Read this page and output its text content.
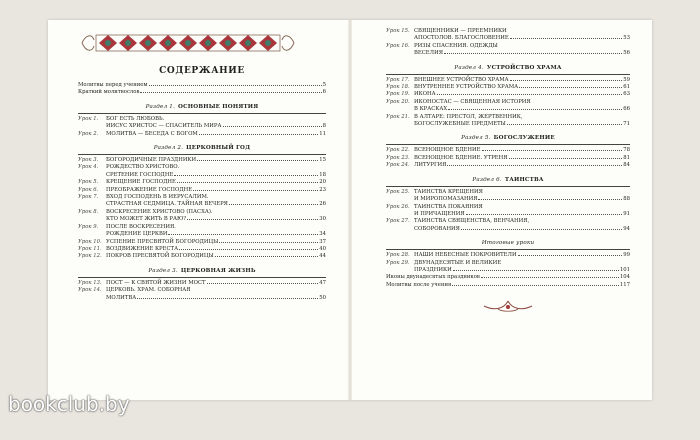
СОДЕРЖАНИЕ
Молитвы перед учением	5
Краткий молитвослов	6
Раздел 1. ОСНОВНЫЕ ПОНЯТИЯ
Урок 1.	БОГ ЕСТЬ ЛЮБОВЬ.
ИИСУС ХРИСТОС — СПАСИТЕЛЬ МИРА	8
Урок 2.	МОЛИТВА — БЕСЕДА С БОГОМ	11
Раздел 2. ЦЕРКОВНЫЙ ГОД
Урок 3.	БОГОРОДИЧНЫЕ ПРАЗДНИКИ	15
Урок 4.	РОЖДЕСТВО ХРИСТОВО.
СРЕТЕНИЕ ГОСПОДНЕ	18
Урок 5.	КРЕЩЕНИЕ ГОСПОДНЕ	20
Урок 6.	ПРЕОБРАЖЕНИЕ ГОСПОДНЕ	23
Урок 7.	ВХОД ГОСПОДЕНЬ В ИЕРУСАЛИМ.
СТРАСТНАЯ СЕДМИЦА. ТАЙНАЯ ВЕЧЕРЯ	26
Урок 8.	ВОСКРЕСЕНИЕ ХРИСТОВО (ПАСХА).
КТО МОЖЕТ ЖИТЬ В РАЮ?	30
Урок 9.	ПОСЛЕ ВОСКРЕСЕНИЯ.
РОЖДЕНИЕ ЦЕРКВИ	34
Урок 10. УСПЕНИЕ ПРЕСВЯТОЙ БОГОРОДИЦЫ	37
Урок 11. ВОЗДВИЖЕНИЕ КРЕСТА	40
Урок 12. ПОКРОВ ПРЕСВЯТОЙ БОГОРОДИЦЫ	44
Раздел 3. ЦЕРКОВНАЯ ЖИЗНЬ
Урок 13. ПОСТ — К СВЯТОЙ ЖИЗНИ МОСТ	47
Урок 14. ЦЕРКОВЬ. ХРАМ. СОБОРНАЯ
МОЛИТВА	50
Урок 15. СВЯЩЕННИКИ — ПРЕЕМНИКИ
АПОСТОЛОВ. БЛАГОСЛОВЕНИЕ	53
Урок 16. РИЗЫ СПАСЕНИЯ. ОДЕЖДЫ
ВЕСЕЛИЯ	56
Раздел 4. УСТРОЙСТВО ХРАМА
Урок 17. ВНЕШНЕЕ УСТРОЙСТВО ХРАМА	59
Урок 18. ВНУТРЕННЕЕ УСТРОЙСТВО ХРАМА	61
Урок 19. ИКОНА	63
Урок 20. ИКОНОСТАС — СВЯЩЕННАЯ ИСТОРИЯ
В КРАСКАХ	66
Урок 21. В АЛТАРЕ: ПРЕСТОЛ, ЖЕРТВЕННИК,
БОГОСЛУЖЕБНЫЕ ПРЕДМЕТЫ	71
Раздел 5. БОГОСЛУЖЕНИЕ
Урок 22. ВСЕНОЩНОЕ БДЕНИЕ	78
Урок 23. ВСЕНОЩНОЕ БДЕНИЕ. УТРЕНЯ	81
Урок 24. ЛИТУРГИЯ	84
Раздел 6. ТАИНСТВА
Урок 25. ТАИНСТВА КРЕЩЕНИЯ
И МИРОПОМАЗАНИЯ	88
Урок 26. ТАИНСТВА ПОКАЯНИЯ
И ПРИЧАЩЕНИЯ	91
Урок 27. ТАИНСТВА СВЯЩЕНСТВА, ВЕНЧАНИЯ,
СОБОРОВАНИЯ	94
Итоговые уроки
Урок 28. НАШИ НЕБЕСНЫЕ ПОКРОВИТЕЛИ	99
Урок 29. ДВУНАДЕСЯТЫЕ И ВЕЛИКИЕ
ПРАЗДНИКИ	101
Иконы двунадесятых праздников	104
Молитвы после учения	117
bookclub.by
